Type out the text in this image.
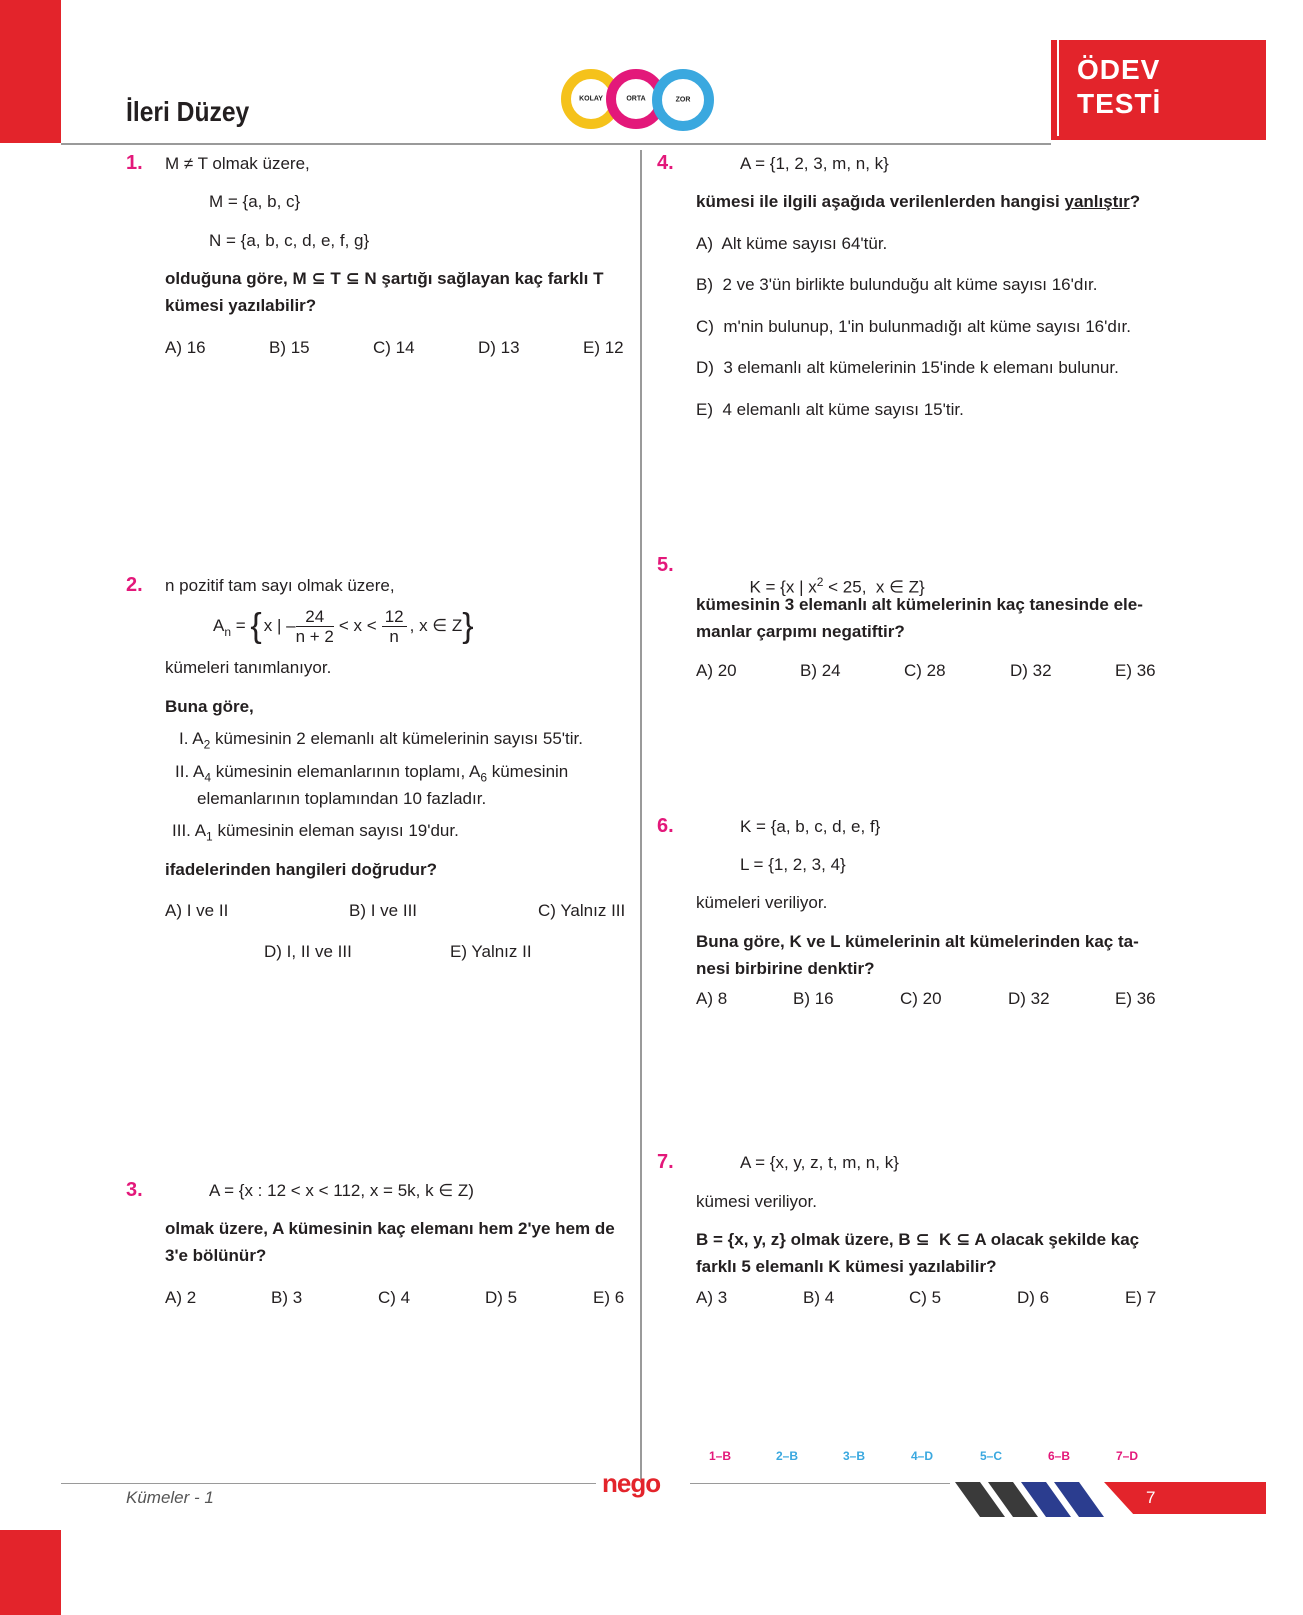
İleri Düzey	KOLAY	ORTA	ZOR
ÖDEV
TESTİ
1. M ≠ T olmak üzere,
M = {a, b, c}
N = {a, b, c, d, e, f, g}
olduğuna göre, M ⊆ T ⊆ N şartığı sağlayan kaç farklı T
kümesi yazılabilir?
A) 16	B) 15	C) 14	D) 13	E) 12
2. n pozitif tam sayı olmak üzere,
$A_n$ = { x | – $\frac{24}{n + 2} < x < \frac{12}{n}$ , x ∈ Z }
kümeleri tanımlanıyor.
Buna göre,
I. $A_2$ kümesinin 2 elemanlı alt kümelerinin sayısı 55'tir.
II. $A_4$ kümesinin elemanlarının toplamı, $A_6$ kümesinin
elemanlarının toplamından 10 fazladır.
III. $A_1$ kümesinin eleman sayısı 19'dur.
ifadelerinden hangileri doğrudur?
A) I ve II	B) I ve III	C) Yalnız III
D) I, II ve III	E) Yalnız II
3.	A = {x : 12 < x < 112, x = 5k, k ∈ Z)
olmak üzere, A kümesinin kaç elemanı hem 2'ye hem de
3'e bölünür?
A) 2	B) 3	C) 4	D) 5	E) 6
4.	A = {1, 2, 3, m, n, k}
kümesi ile ilgili aşağıda verilenlerden hangisi yanlıştır?
A)  Alt küme sayısı 64'tür.
B)  2 ve 3'ün birlikte bulunduğu alt küme sayısı 16'dır.
C)  m'nin bulunup, 1'in bulunmadığı alt küme sayısı 16'dır.
D)  3 elemanlı alt kümelerinin 15'inde k elemanı bulunur.
E)  4 elemanlı alt küme sayısı 15'tir.
5.

K = {x | $x^2 < 25$,  x ∈ Z}

kümesinin 3 elemanlı alt kümelerinin kaç tanesinde ele-
manlar çarpımı negatiftir?
A) 20	B) 24	C) 28	D) 32	E) 36
6.	K = {a, b, c, d, e, f}
L = {1, 2, 3, 4}
kümeleri veriliyor.
Buna göre, K ve L kümelerinin alt kümelerinden kaç ta-
nesi birbirine denktir?
A) 8	B) 16	C) 20	D) 32	E) 36
7.	A = {x, y, z, t, m, n, k}
kümesi veriliyor.
B = {x, y, z} olmak üzere, B ⊆  K ⊆ A olacak şekilde kaç
farklı 5 elemanlı K kümesi yazılabilir?
A) 3	B) 4	C) 5	D) 6	E) 7
1–B	2–B	3–B	4–D	5–C	6–B	7–D
Kümeler - 1	nego	7
